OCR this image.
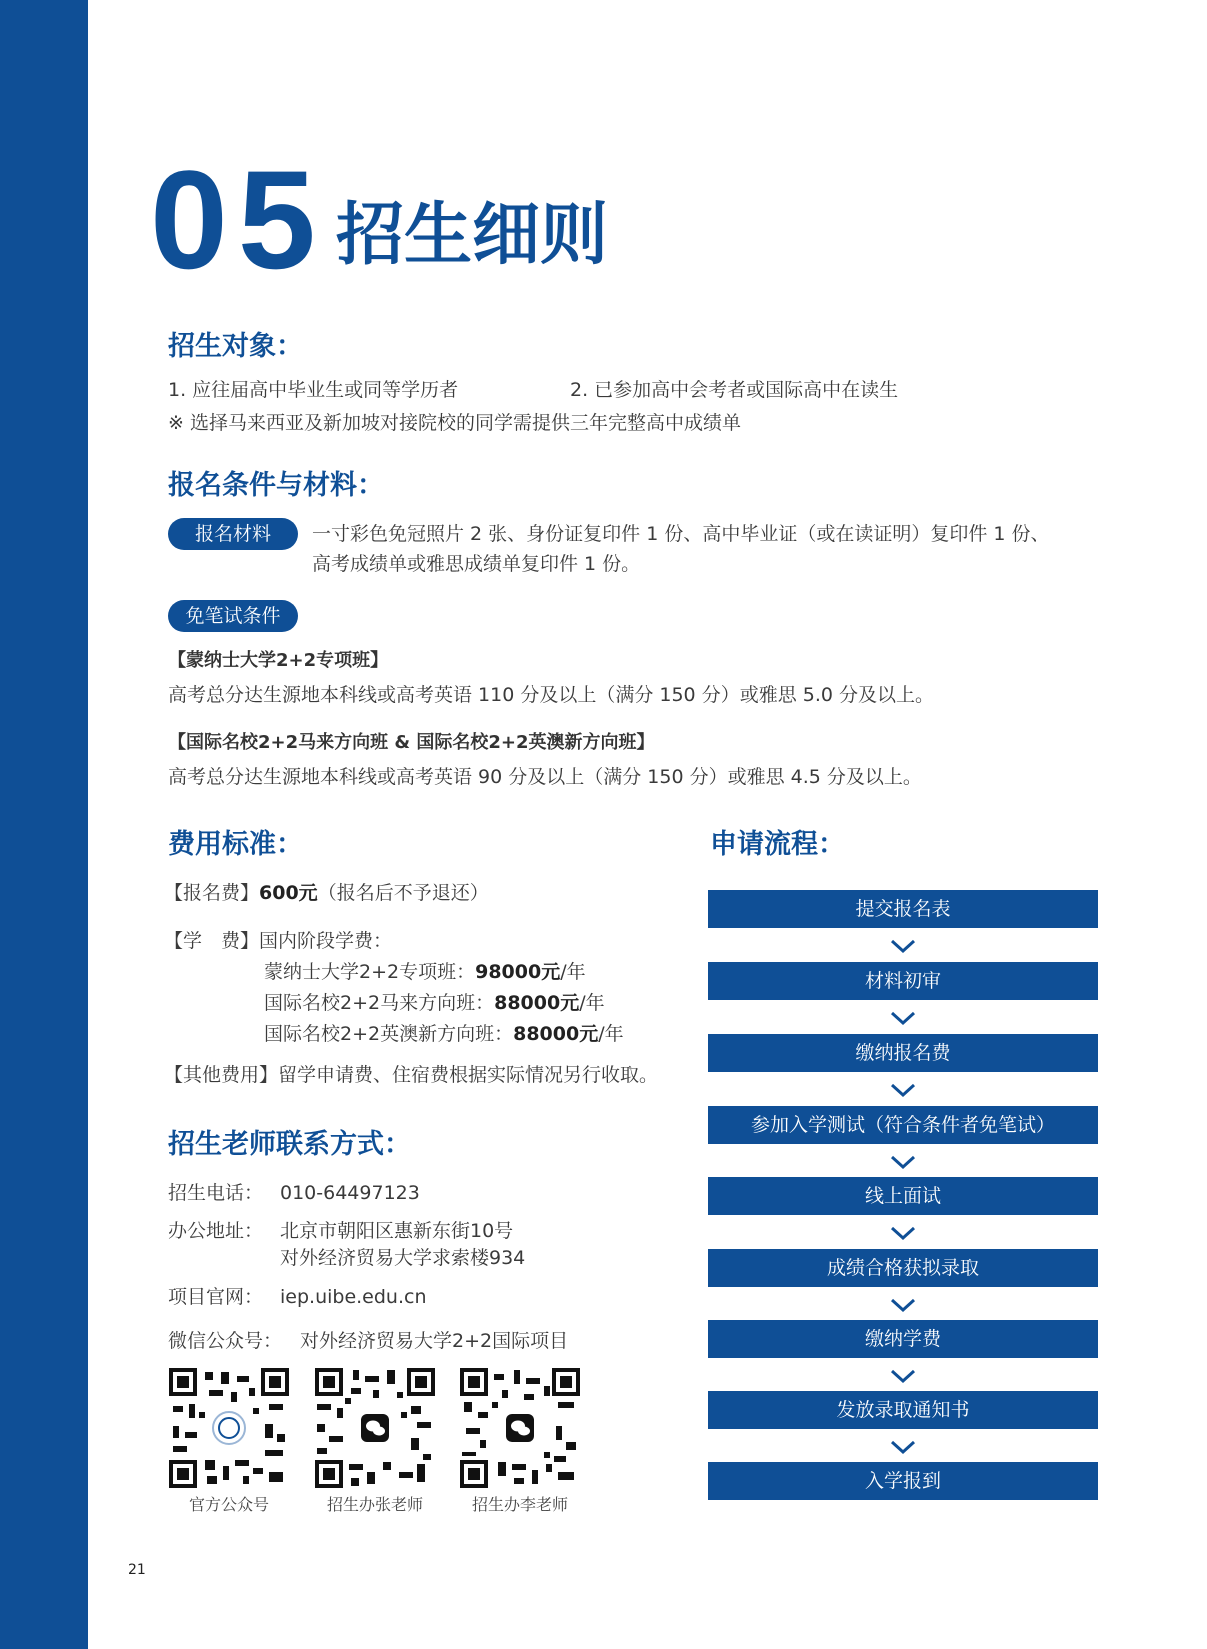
05 招生细则
招生对象：
1. 应往届高中毕业生或同等学历者	2. 已参加高中会考者或国际高中在读生
※ 选择马来西亚及新加坡对接院校的同学需提供三年完整高中成绩单
报名条件与材料：
报名材料	一寸彩色免冠照片 2 张、身份证复印件 1 份、高中毕业证（或在读证明）复印件 1 份、
高考成绩单或雅思成绩单复印件 1 份。
免笔试条件
【蒙纳士大学2+2专项班】
高考总分达生源地本科线或高考英语 110 分及以上（满分 150 分）或雅思 5.0 分及以上。
【国际名校2+2马来方向班 & 国际名校2+2英澳新方向班】
高考总分达生源地本科线或高考英语 90 分及以上（满分 150 分）或雅思 4.5 分及以上。
费用标准：
【报名费】600元（报名后不予退还）
【学　费】国内阶段学费：
蒙纳士大学2+2专项班：98000元/年
国际名校2+2马来方向班：88000元/年
国际名校2+2英澳新方向班：88000元/年
【其他费用】留学申请费、住宿费根据实际情况另行收取。
招生老师联系方式：
招生电话： 010-64497123
办公地址： 北京市朝阳区惠新东街10号
对外经济贸易大学求索楼934
项目官网： iep.uibe.edu.cn
微信公众号： 对外经济贸易大学2+2国际项目
官方公众号	招生办张老师	招生办李老师
申请流程：
提交报名表
材料初审
缴纳报名费
参加入学测试（符合条件者免笔试）
线上面试
成绩合格获拟录取
缴纳学费
发放录取通知书
入学报到
21
